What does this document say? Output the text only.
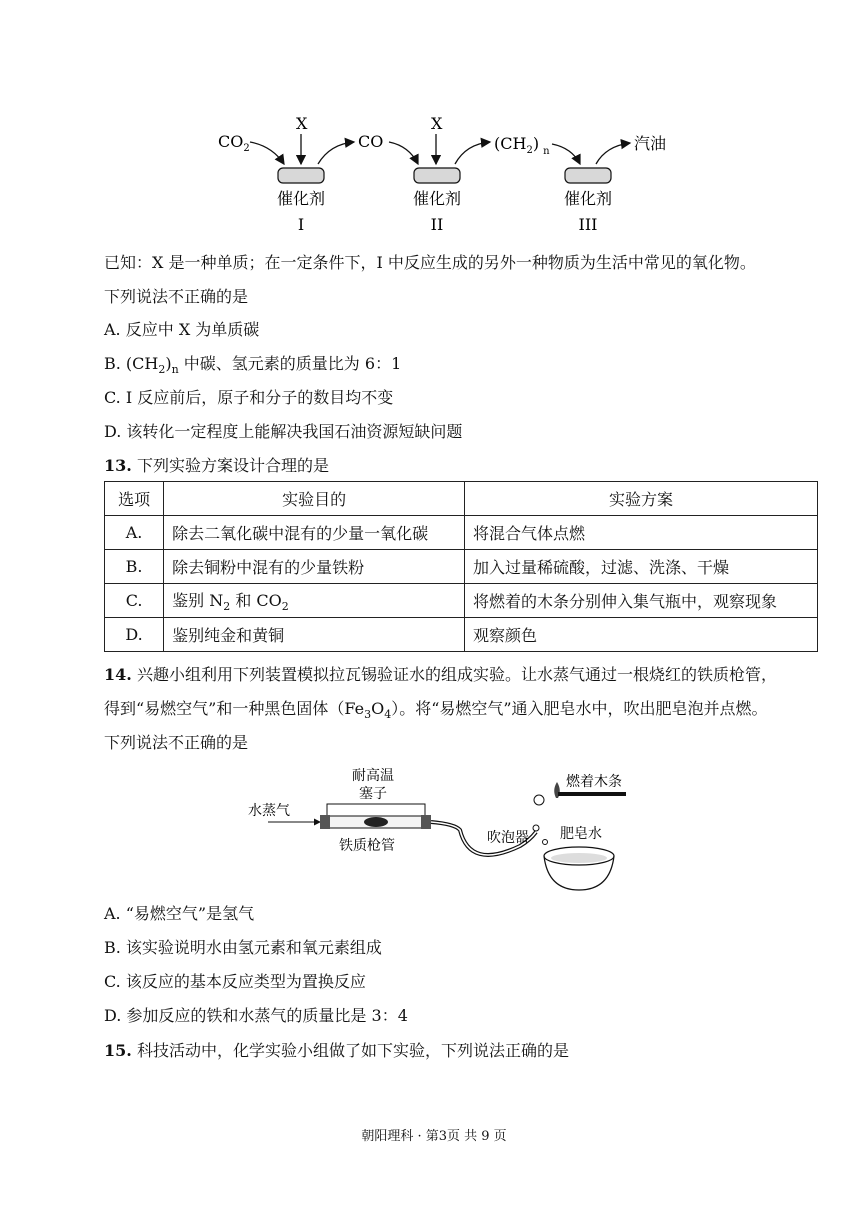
$CO_2$
X
CO
X
$(CH_2)$ $_n$	汽油
催化剂	催化剂	催化剂
I	II	III
已知：X 是一种单质；在一定条件下，I 中反应生成的另外一种物质为生活中常见的氧化物。
下列说法不正确的是
A. 反应中 X 为单质碳
B. $(CH_2)_n$ 中碳、氢元素的质量比为 6：1
C. I 反应前后，原子和分子的数目均不变
D. 该转化一定程度上能解决我国石油资源短缺问题
13. 下列实验方案设计合理的是
选项	实验目的	实验方案
A.	除去二氧化碳中混有的少量一氧化碳	将混合气体点燃
B.	除去铜粉中混有的少量铁粉	加入过量稀硫酸，过滤、洗涤、干燥
C.	鉴别 $N_2$ 和 $CO_2$	将燃着的木条分别伸入集气瓶中，观察现象
D.	鉴别纯金和黄铜	观察颜色
14. 兴趣小组利用下列装置模拟拉瓦锡验证水的组成实验。让水蒸气通过一根烧红的铁质枪管，
得到“易燃空气”和一种黑色固体$(Fe_3O_4)$。将“易燃空气”通入肥皂水中，吹出肥皂泡并点燃。
下列说法不正确的是
耐高温
塞子
水蒸气
铁质枪管	吹泡器
燃着木条
肥皂水
A. “易燃空气”是氢气
B. 该实验说明水由氢元素和氧元素组成
C. 该反应的基本反应类型为置换反应
D. 参加反应的铁和水蒸气的质量比是 3：4
15. 科技活动中，化学实验小组做了如下实验，下列说法正确的是
朝阳理科 · 第3页 共 9 页
